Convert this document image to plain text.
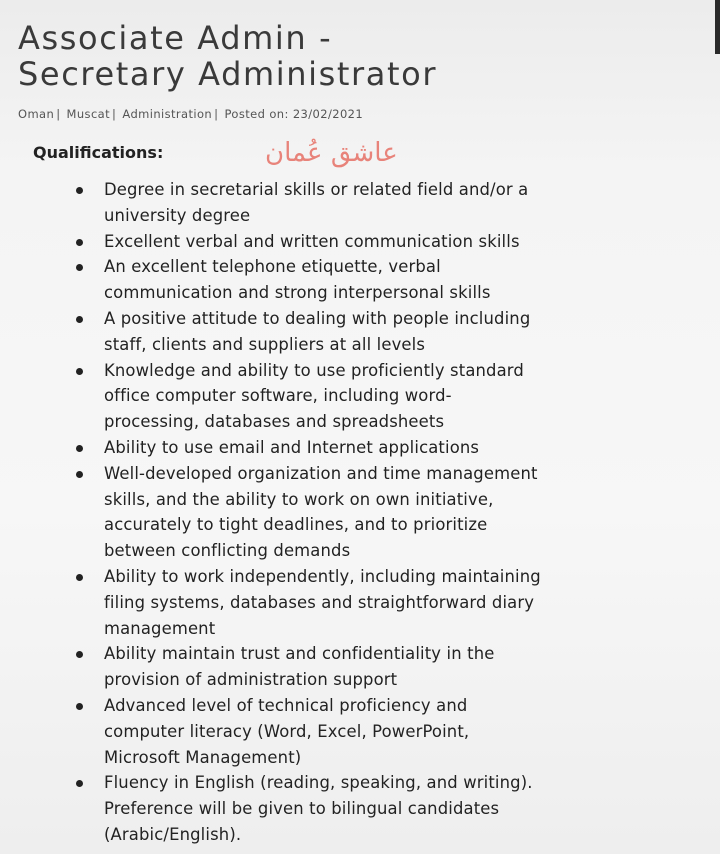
Associate Admin -
Secretary Administrator
Oman | Muscat | Administration | Posted on: 23/02/2021
Qualifications:	عاشق عُمان
Degree in secretarial skills or related field and/or a
university degree
Excellent verbal and written communication skills
An excellent telephone etiquette, verbal
communication and strong interpersonal skills
A positive attitude to dealing with people including
staff, clients and suppliers at all levels
Knowledge and ability to use proficiently standard
office computer software, including word-
processing, databases and spreadsheets
Ability to use email and Internet applications
Well-developed organization and time management
skills, and the ability to work on own initiative,
accurately to tight deadlines, and to prioritize
between conflicting demands
Ability to work independently, including maintaining
filing systems, databases and straightforward diary
management
Ability maintain trust and confidentiality in the
provision of administration support
Advanced level of technical proficiency and
computer literacy (Word, Excel, PowerPoint,
Microsoft Management)
Fluency in English (reading, speaking, and writing).
Preference will be given to bilingual candidates
(Arabic/English).
